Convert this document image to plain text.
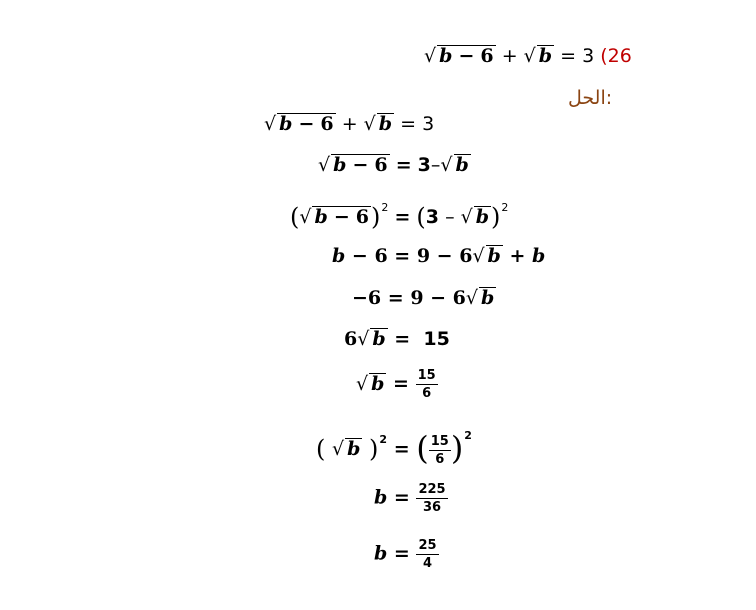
√ b − 6 + √ b = 3 (26
الحل:
√ b − 6 + √ b = 3
√ b − 6 = 3–√ b
(√ b − 6)$^2$ = (3 – √ b)$^2$
b − 6 = 9 − 6√ b + b
−6 = 9 − 6√ b
6√ b = 15
√ $b = \frac{15}{6}$
( √ b )$^2$ = ( $\frac{15}{6} )^2$
$b = \frac{225}{36}$
$b = \frac{25}{4}$
